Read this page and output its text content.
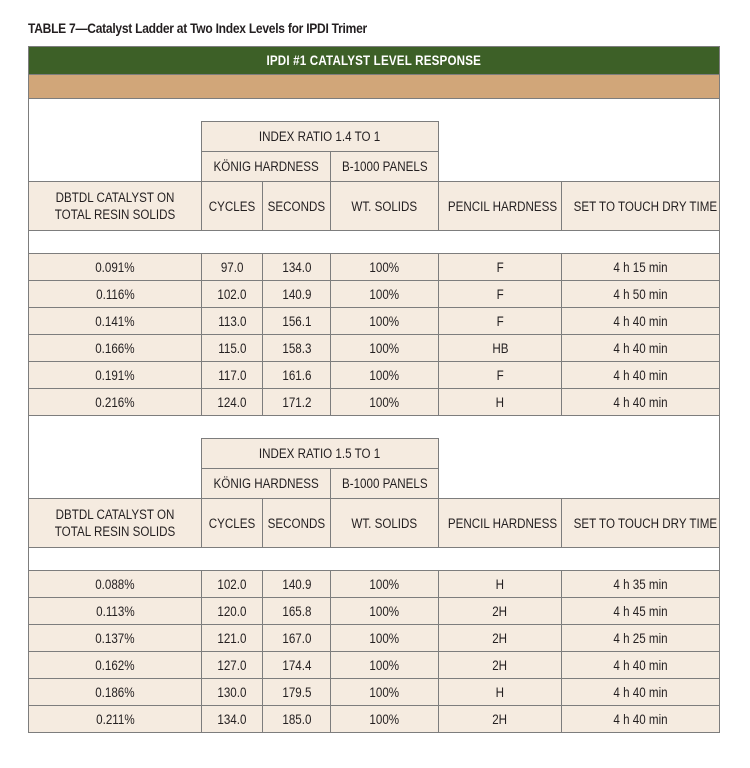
TABLE 7—Catalyst Ladder at Two Index Levels for IPDI Trimer
IPDI #1 CATALYST LEVEL RESPONSE					

	INDEX RATIO 1.4 TO 1				
	KÖNIG HARDNESS		B-1000 PANELS		
DBTDL CATALYST ON
TOTAL RESIN SOLIDS	CYCLES	SECONDS	WT. SOLIDS	PENCIL HARDNESS	SET TO TOUCH DRY TIME

0.091%	97.0	134.0	100%	F	4 h 15 min
0.116%	102.0	140.9	100%	F	4 h 50 min
0.141%	113.0	156.1	100%	F	4 h 40 min
0.166%	115.0	158.3	100%	HB	4 h 40 min
0.191%	117.0	161.6	100%	F	4 h 40 min
0.216%	124.0	171.2	100%	H	4 h 40 min

	INDEX RATIO 1.5 TO 1				
	KÖNIG HARDNESS		B-1000 PANELS		
DBTDL CATALYST ON
TOTAL RESIN SOLIDS	CYCLES	SECONDS	WT. SOLIDS	PENCIL HARDNESS	SET TO TOUCH DRY TIME

0.088%	102.0	140.9	100%	H	4 h 35 min
0.113%	120.0	165.8	100%	2H	4 h 45 min
0.137%	121.0	167.0	100%	2H	4 h 25 min
0.162%	127.0	174.4	100%	2H	4 h 40 min
0.186%	130.0	179.5	100%	H	4 h 40 min
0.211%	134.0	185.0	100%	2H	4 h 40 min
